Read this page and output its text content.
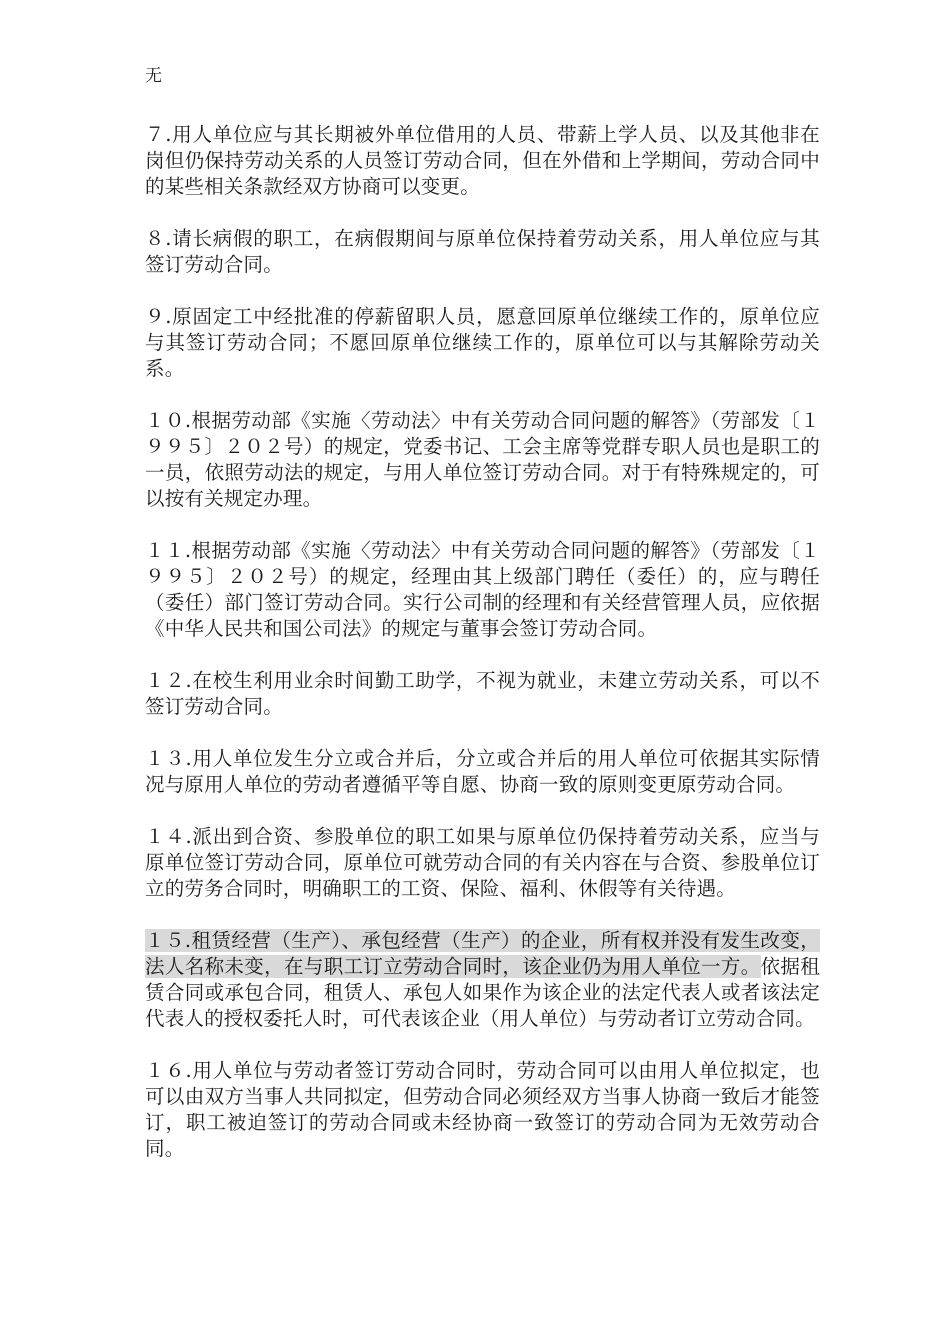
无

７.用人单位应与其长期被外单位借用的人员、带薪上学人员、以及其他非在岗但仍保持劳动关系的人员签订劳动合同，但在外借和上学期间，劳动合同中的某些相关条款经双方协商可以变更。

８.请长病假的职工，在病假期间与原单位保持着劳动关系，用人单位应与其签订劳动合同。

９.原固定工中经批准的停薪留职人员，愿意回原单位继续工作的，原单位应与其签订劳动合同；不愿回原单位继续工作的，原单位可以与其解除劳动关系。

１０.根据劳动部《实施〈劳动法〉中有关劳动合同问题的解答》（劳部发〔１９９５〕２０２号）的规定，党委书记、工会主席等党群专职人员也是职工的一员，依照劳动法的规定，与用人单位签订劳动合同。对于有特殊规定的，可以按有关规定办理。

１１.根据劳动部《实施〈劳动法〉中有关劳动合同问题的解答》（劳部发〔１９９５〕２０２号）的规定，经理由其上级部门聘任（委任）的，应与聘任（委任）部门签订劳动合同。实行公司制的经理和有关经营管理人员，应依据《中华人民共和国公司法》的规定与董事会签订劳动合同。

１２.在校生利用业余时间勤工助学，不视为就业，未建立劳动关系，可以不签订劳动合同。

１３.用人单位发生分立或合并后，分立或合并后的用人单位可依据其实际情况与原用人单位的劳动者遵循平等自愿、协商一致的原则变更原劳动合同。

１４.派出到合资、参股单位的职工如果与原单位仍保持着劳动关系，应当与原单位签订劳动合同，原单位可就劳动合同的有关内容在与合资、参股单位订立的劳务合同时，明确职工的工资、保险、福利、休假等有关待遇。

１５.租赁经营（生产）、承包经营（生产）的企业，所有权并没有发生改变，法人名称未变，在与职工订立劳动合同时，该企业仍为用人单位一方。依据租赁合同或承包合同，租赁人、承包人如果作为该企业的法定代表人或者该法定代表人的授权委托人时，可代表该企业（用人单位）与劳动者订立劳动合同。

１６.用人单位与劳动者签订劳动合同时，劳动合同可以由用人单位拟定，也可以由双方当事人共同拟定，但劳动合同必须经双方当事人协商一致后才能签订，职工被迫签订的劳动合同或未经协商一致签订的劳动合同为无效劳动合同。
